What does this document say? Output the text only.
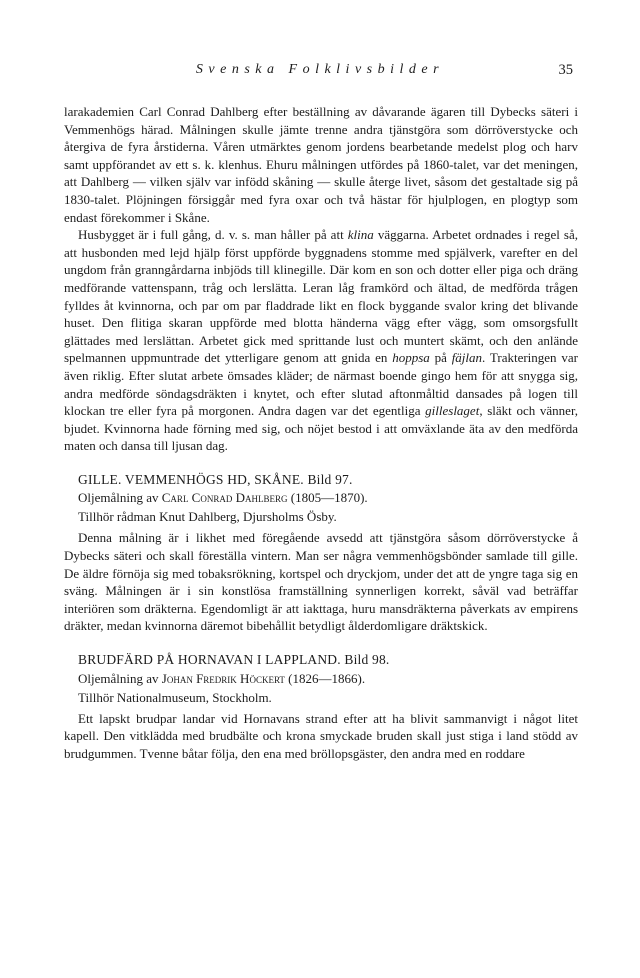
Svenska Folklivsbilder	35

larakademien Carl Conrad Dahlberg efter beställning av dåvarande ägaren till Dybecks säteri i Vemmenhögs härad. Målningen skulle jämte trenne andra tjänstgöra som dörröverstycke och återgiva de fyra årstiderna. Våren utmärktes genom jordens bearbetande medelst plog och harv samt uppförandet av ett s. k. klenhus. Ehuru målningen utfördes på 1860-talet, var det meningen, att Dahlberg — vilken själv var infödd skåning — skulle återge livet, såsom det gestaltade sig på 1830-talet. Plöjningen försiggår med fyra oxar och två hästar för hjulplogen, en plogtyp som endast förekommer i Skåne.

Husbygget är i full gång, d. v. s. man håller på att klina väggarna. Arbetet ordnades i regel så, att husbonden med lejd hjälp först uppförde byggnadens stomme med spjälverk, varefter en del ungdom från granngårdarna inbjöds till klinegille. Där kom en son och dotter eller piga och dräng medförande vattenspann, tråg och lerslätta. Leran låg framkörd och ältad, de medförda trågen fylldes åt kvinnorna, och par om par fladdrade likt en flock byggande svalor kring det blivande huset. Den flitiga skaran uppförde med blotta händerna vägg efter vägg, som omsorgsfullt glättades med lerslättan. Arbetet gick med sprittande lust och muntert skämt, och den anlände spelmannen uppmuntrade det ytterligare genom att gnida en hoppsa på fäjlan. Trakteringen var även riklig. Efter slutat arbete ömsades kläder; de närmast boende gingo hem för att snygga sig, andra medförde söndagsdräkten i knytet, och efter slutad aftonmåltid dansades på logen till klockan tre eller fyra på morgonen. Andra dagen var det egentliga gilleslaget, släkt och vänner, bjudet. Kvinnorna hade förning med sig, och nöjet bestod i att omväxlande äta av den medförda maten och dansa till ljusan dag.

GILLE. VEMMENHÖGS HD, SKÅNE. Bild 97.

Oljemålning av Carl Conrad Dahlberg (1805—1870).

Tillhör rådman Knut Dahlberg, Djursholms Ösby.

Denna målning är i likhet med föregående avsedd att tjänstgöra såsom dörröverstycke å Dybecks säteri och skall föreställa vintern. Man ser några vemmenhögsbönder samlade till gille. De äldre förnöja sig med tobaksrökning, kortspel och dryckjom, under det att de yngre taga sig en sväng. Målningen är i sin konstlösa framställning synnerligen korrekt, såväl vad beträffar interiören som dräkterna. Egendomligt är att iakttaga, huru mansdräkterna påverkats av empirens dräkter, medan kvinnorna däremot bibehållit betydligt ålderdomligare dräktskick.

BRUDFÄRD PÅ HORNAVAN I LAPPLAND. Bild 98.

Oljemålning av Johan Fredrik Höckert (1826—1866).

Tillhör Nationalmuseum, Stockholm.

Ett lapskt brudpar landar vid Hornavans strand efter att ha blivit sammanvigt i något litet kapell. Den vitklädda med brudbälte och krona smyckade bruden skall just stiga i land stödd av brudgummen. Tvenne båtar följa, den ena med bröllopsgäster, den andra med en roddare
